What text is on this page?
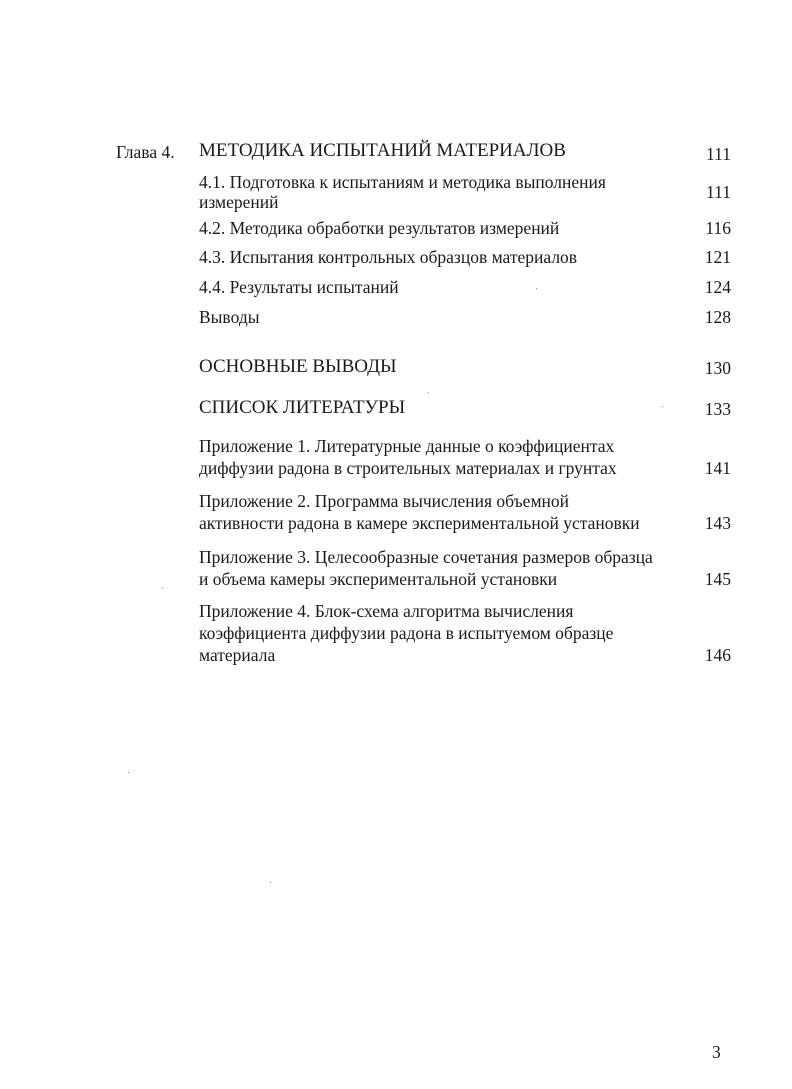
Глава 4. МЕТОДИКА ИСПЫТАНИЙ МАТЕРИАЛОВ	111
4.1. Подготовка к испытаниям и методика выполнения
измерений	111
4.2. Методика обработки результатов измерений	116
4.3. Испытания контрольных образцов материалов	121
4.4. Результаты испытаний	124
Выводы	128
ОСНОВНЫЕ ВЫВОДЫ	130
СПИСОК ЛИТЕРАТУРЫ	133
Приложение 1. Литературные данные о коэффициентах
диффузии радона в строительных материалах и грунтах	141
Приложение 2. Программа вычисления объемной
активности радона в камере экспериментальной установки	143
Приложение 3. Целесообразные сочетания размеров образца
и объема камеры экспериментальной установки	145
Приложение 4. Блок-схема алгоритма вычисления
коэффициента диффузии радона в испытуемом образце
материала	146
3
